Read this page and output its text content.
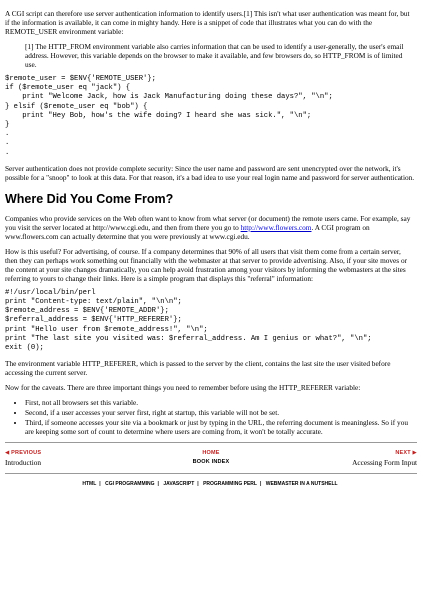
A CGI script can therefore use server authentication information to identify users.[1] This isn't what user authentication was meant for, but if the information is available, it can come in mighty handy. Here is a snippet of code that illustrates what you can do with the REMOTE_USER environment variable:

[1] The HTTP_FROM environment variable also carries information that can be used to identify a user-generally, the user's email address. However, this variable depends on the browser to make it available, and few browsers do, so HTTP_FROM is of limited use.

$remote_user = $ENV{'REMOTE_USER'};
if ($remote_user eq "jack") {
print "Welcome Jack, how is Jack Manufacturing doing these days?", "\n";
} elsif ($remote_user eq "bob") {
print "Hey Bob, how's the wife doing? I heard she was sick.", "\n";
}
.
.
.

Server authentication does not provide complete security: Since the user name and password are sent unencrypted over the network, it's possible for a "snoop" to look at this data. For that reason, it's a bad idea to use your real login name and password for server authentication.

Where Did You Come From?

Companies who provide services on the Web often want to know from what server (or document) the remote users came. For example, say you visit the server located at http://www.cgi.edu, and then from there you go to http://www.flowers.com. A CGI program on www.flowers.com can actually determine that you were previously at www.cgi.edu.

How is this useful? For advertising, of course. If a company determines that 90% of all users that visit them come from a certain server, then they can perhaps work something out financially with the webmaster at that server to provide advertising. Also, if your site moves or the content at your site changes dramatically, you can help avoid frustration among your visitors by informing the webmasters at the sites referring to yours to change their links. Here is a simple program that displays this "referral" information:

#!/usr/local/bin/perl
print "Content-type: text/plain", "\n\n";
$remote_address = $ENV{'REMOTE_ADDR'};
$referral_address = $ENV{'HTTP_REFERER'};
print "Hello user from $remote_address!", "\n";
print "The last site you visited was: $referral_address. Am I genius or what?", "\n";
exit (0);

The environment variable HTTP_REFERER, which is passed to the server by the client, contains the last site the user visited before accessing the current server.

Now for the caveats. There are three important things you need to remember before using the HTTP_REFERER variable:

• First, not all browsers set this variable.
• Second, if a user accesses your server first, right at startup, this variable will not be set.
• Third, if someone accesses your site via a bookmark or just by typing in the URL, the referring document is meaningless. So if you are keeping some sort of count to determine where users are coming from, it won't be totally accurate.
◀ PREVIOUS
Introduction

HOME
BOOK INDEX

NEXT ▶
Accessing Form Input
HTML | CGI PROGRAMMING | JAVASCRIPT | PROGRAMMING PERL | WEBMASTER IN A NUTSHELL
